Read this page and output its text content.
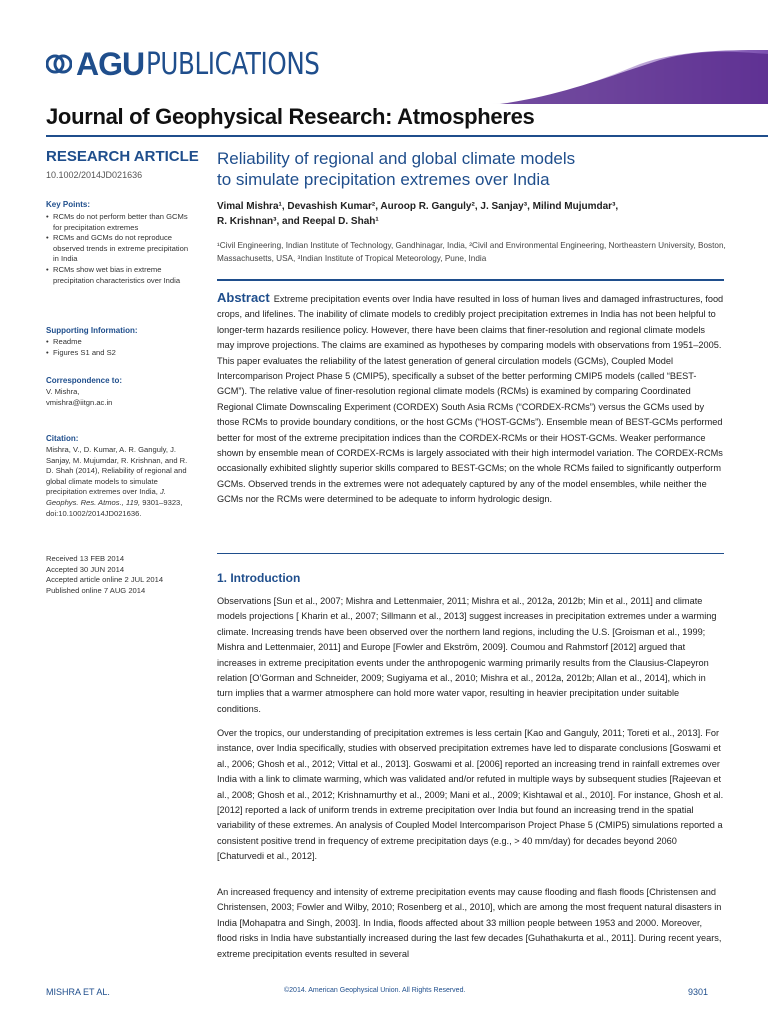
AGU PUBLICATIONS
JGR
Journal of Geophysical Research: Atmospheres
RESEARCH ARTICLE
10.1002/2014JD021636
Key Points:
• RCMs do not perform better than GCMs for precipitation extremes
• RCMs and GCMs do not reproduce observed trends in extreme precipitation in India
• RCMs show wet bias in extreme precipitation characteristics over India
Supporting Information:
• Readme
• Figures S1 and S2
Correspondence to:
V. Mishra,
vmishra@iitgn.ac.in
Citation:
Mishra, V., D. Kumar, A. R. Ganguly, J. Sanjay, M. Mujumdar, R. Krishnan, and R. D. Shah (2014), Reliability of regional and global climate models to simulate precipitation extremes over India, J. Geophys. Res. Atmos., 119, 9301–9323, doi:10.1002/2014JD021636.
Received 13 FEB 2014
Accepted 30 JUN 2014
Accepted article online 2 JUL 2014
Published online 7 AUG 2014
Reliability of regional and global climate models
to simulate precipitation extremes over India
Vimal Mishra¹, Devashish Kumar², Auroop R. Ganguly², J. Sanjay³, Milind Mujumdar³,
R. Krishnan³, and Reepal D. Shah¹
¹Civil Engineering, Indian Institute of Technology, Gandhinagar, India, ²Civil and Environmental Engineering, Northeastern University, Boston, Massachusetts, USA, ³Indian Institute of Tropical Meteorology, Pune, India
Abstract Extreme precipitation events over India have resulted in loss of human lives and damaged infrastructures, food crops, and lifelines. The inability of climate models to credibly project precipitation extremes in India has not been helpful to longer-term hazards resilience policy. However, there have been claims that finer-resolution and regional climate models may improve projections. The claims are examined as hypotheses by comparing models with observations from 1951–2005. This paper evaluates the reliability of the latest generation of general circulation models (GCMs), Coupled Model Intercomparison Project Phase 5 (CMIP5), specifically a subset of the better performing CMIP5 models (called “BEST-GCM”). The relative value of finer-resolution regional climate models (RCMs) is examined by comparing Coordinated Regional Climate Downscaling Experiment (CORDEX) South Asia RCMs (“CORDEX-RCMs”) versus the GCMs used by those RCMs to provide boundary conditions, or the host GCMs (“HOST-GCMs”). Ensemble mean of BEST-GCMs performed better for most of the extreme precipitation indices than the CORDEX-RCMs or their HOST-GCMs. Weaker performance shown by ensemble mean of CORDEX-RCMs is largely associated with their high intermodel variation. The CORDEX-RCMs occasionally exhibited slightly superior skills compared to BEST-GCMs; on the whole RCMs failed to significantly outperform GCMs. Observed trends in the extremes were not adequately captured by any of the model ensembles, while neither the GCMs nor the RCMs were determined to be adequate to inform hydrologic design.
1. Introduction

Observations [Sun et al., 2007; Mishra and Lettenmaier, 2011; Mishra et al., 2012a, 2012b; Min et al., 2011] and climate models projections [ Kharin et al., 2007; Sillmann et al., 2013] suggest increases in precipitation extremes under a warming climate. Increasing trends have been observed over the northern land regions, including the U.S. [Groisman et al., 1999; Mishra and Lettenmaier, 2011] and Europe [Fowler and Ekström, 2009]. Coumou and Rahmstorf [2012] argued that increases in extreme precipitation events under the anthropogenic warming primarily results from the Clausius-Clapeyron relation [O’Gorman and Schneider, 2009; Sugiyama et al., 2010; Mishra et al., 2012a, 2012b; Allan et al., 2014], which in turn implies that a warmer atmosphere can hold more water vapor, resulting in heavier precipitation under suitable conditions.

Over the tropics, our understanding of precipitation extremes is less certain [Kao and Ganguly, 2011; Toreti et al., 2013]. For instance, over India specifically, studies with observed precipitation extremes have led to disparate conclusions [Goswami et al., 2006; Ghosh et al., 2012; Vittal et al., 2013]. Goswami et al. [2006] reported an increasing trend in rainfall extremes over India with a link to climate warming, which was validated and/or refuted in multiple ways by subsequent studies [Rajeevan et al., 2008; Ghosh et al., 2012; Krishnamurthy et al., 2009; Mani et al., 2009; Kishtawal et al., 2010]. For instance, Ghosh et al. [2012] reported a lack of uniform trends in extreme precipitation over India but found an increasing trend in the spatial variability of these extremes. An analysis of Coupled Model Intercomparison Project Phase 5 (CMIP5) simulations reported a consistent positive trend in frequency of extreme precipitation days (e.g., > 40 mm/day) for decades beyond 2060 [Chaturvedi et al., 2012].

An increased frequency and intensity of extreme precipitation events may cause flooding and flash floods [Christensen and Christensen, 2003; Fowler and Wilby, 2010; Rosenberg et al., 2010], which are among the most frequent natural disasters in India [Mohapatra and Singh, 2003]. In India, floods affected about 33 million people between 1953 and 2000. Moreover, flood risks in India have substantially increased during the last few decades [Guhathakurta et al., 2011]. During recent years, extreme precipitation events resulted in several

MISHRA ET AL.	©2014. American Geophysical Union. All Rights Reserved.	9301
